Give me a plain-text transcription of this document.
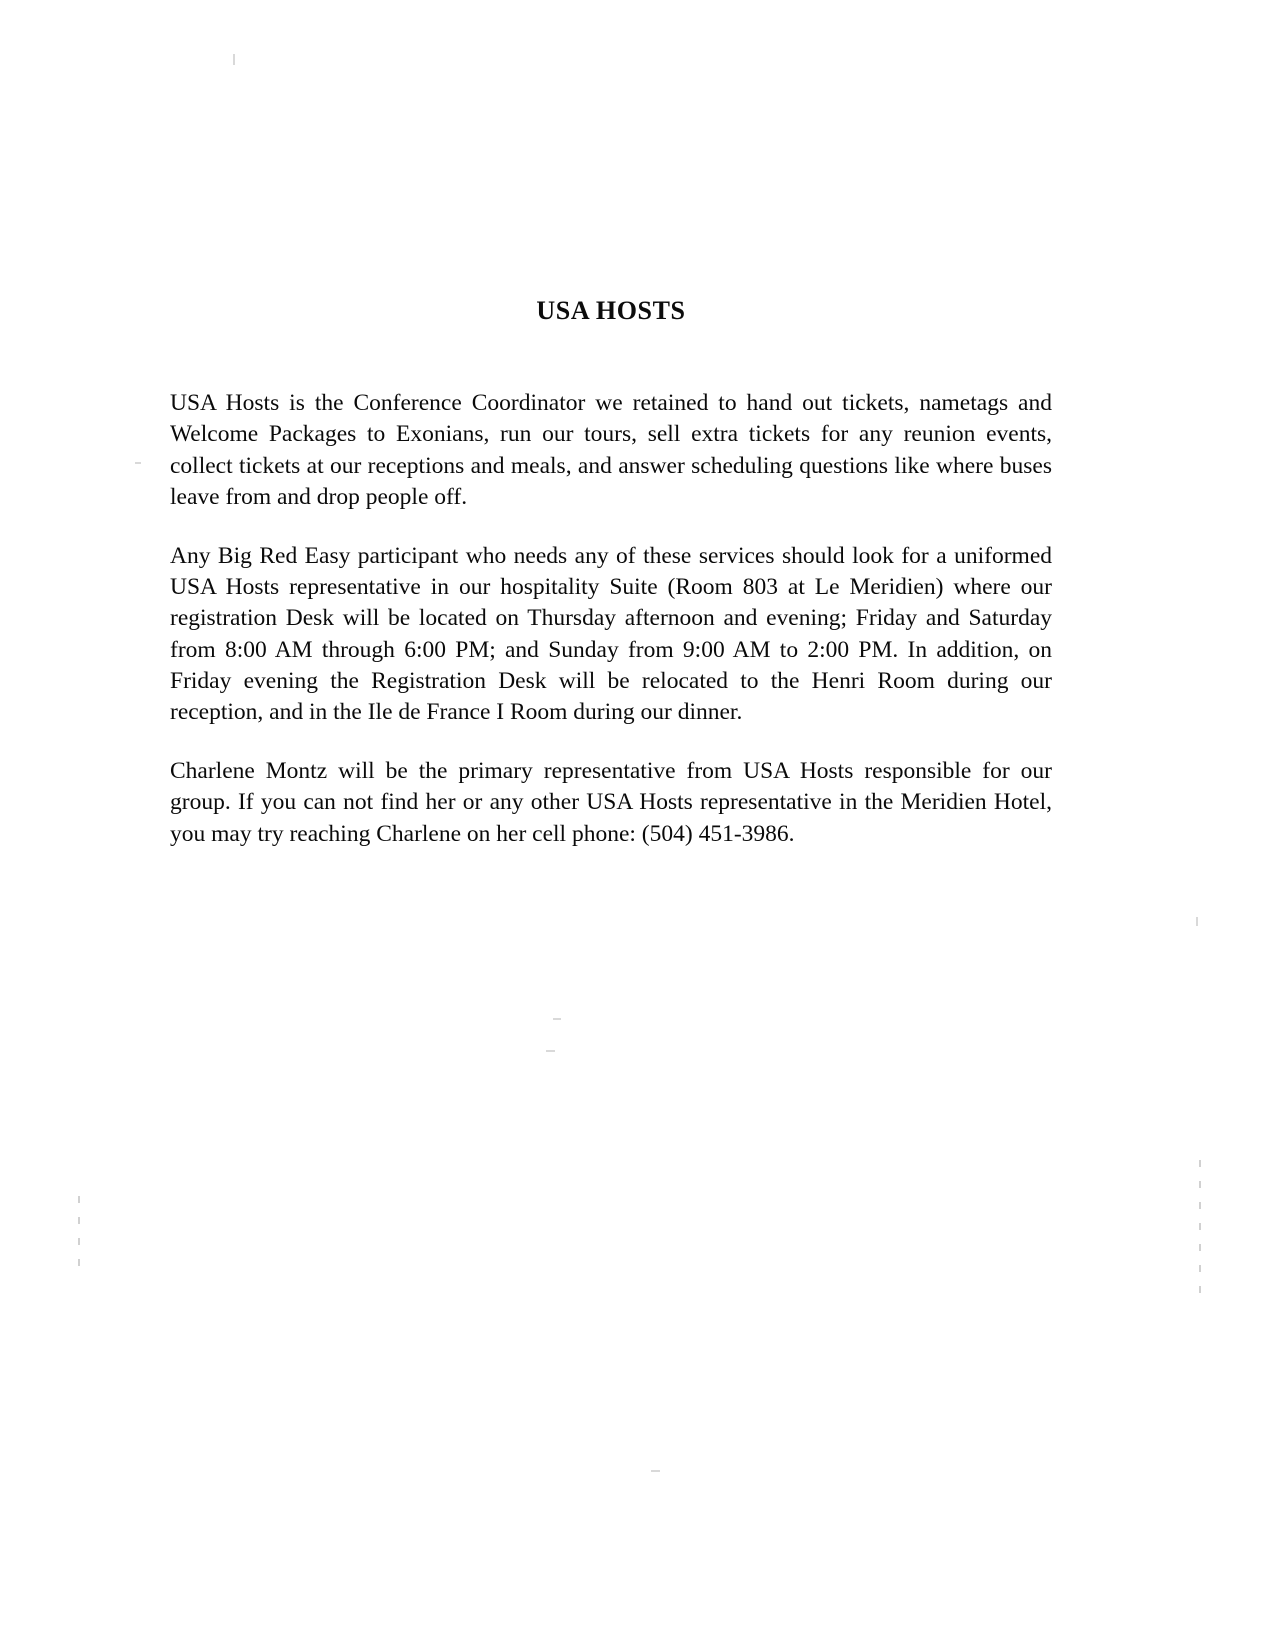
USA HOSTS

USA Hosts is the Conference Coordinator we retained to hand out tickets, nametags and Welcome Packages to Exonians, run our tours, sell extra tickets for any reunion events, collect tickets at our receptions and meals, and answer scheduling questions like where buses leave from and drop people off.

Any Big Red Easy participant who needs any of these services should look for a uniformed USA Hosts representative in our hospitality Suite (Room 803 at Le Meridien) where our registration Desk will be located on Thursday afternoon and evening; Friday and Saturday from 8:00 AM through 6:00 PM; and Sunday from 9:00 AM to 2:00 PM. In addition, on Friday evening the Registration Desk will be relocated to the Henri Room during our reception, and in the Ile de France I Room during our dinner.

Charlene Montz will be the primary representative from USA Hosts responsible for our group. If you can not find her or any other USA Hosts representative in the Meridien Hotel, you may try reaching Charlene on her cell phone: (504) 451-3986.
